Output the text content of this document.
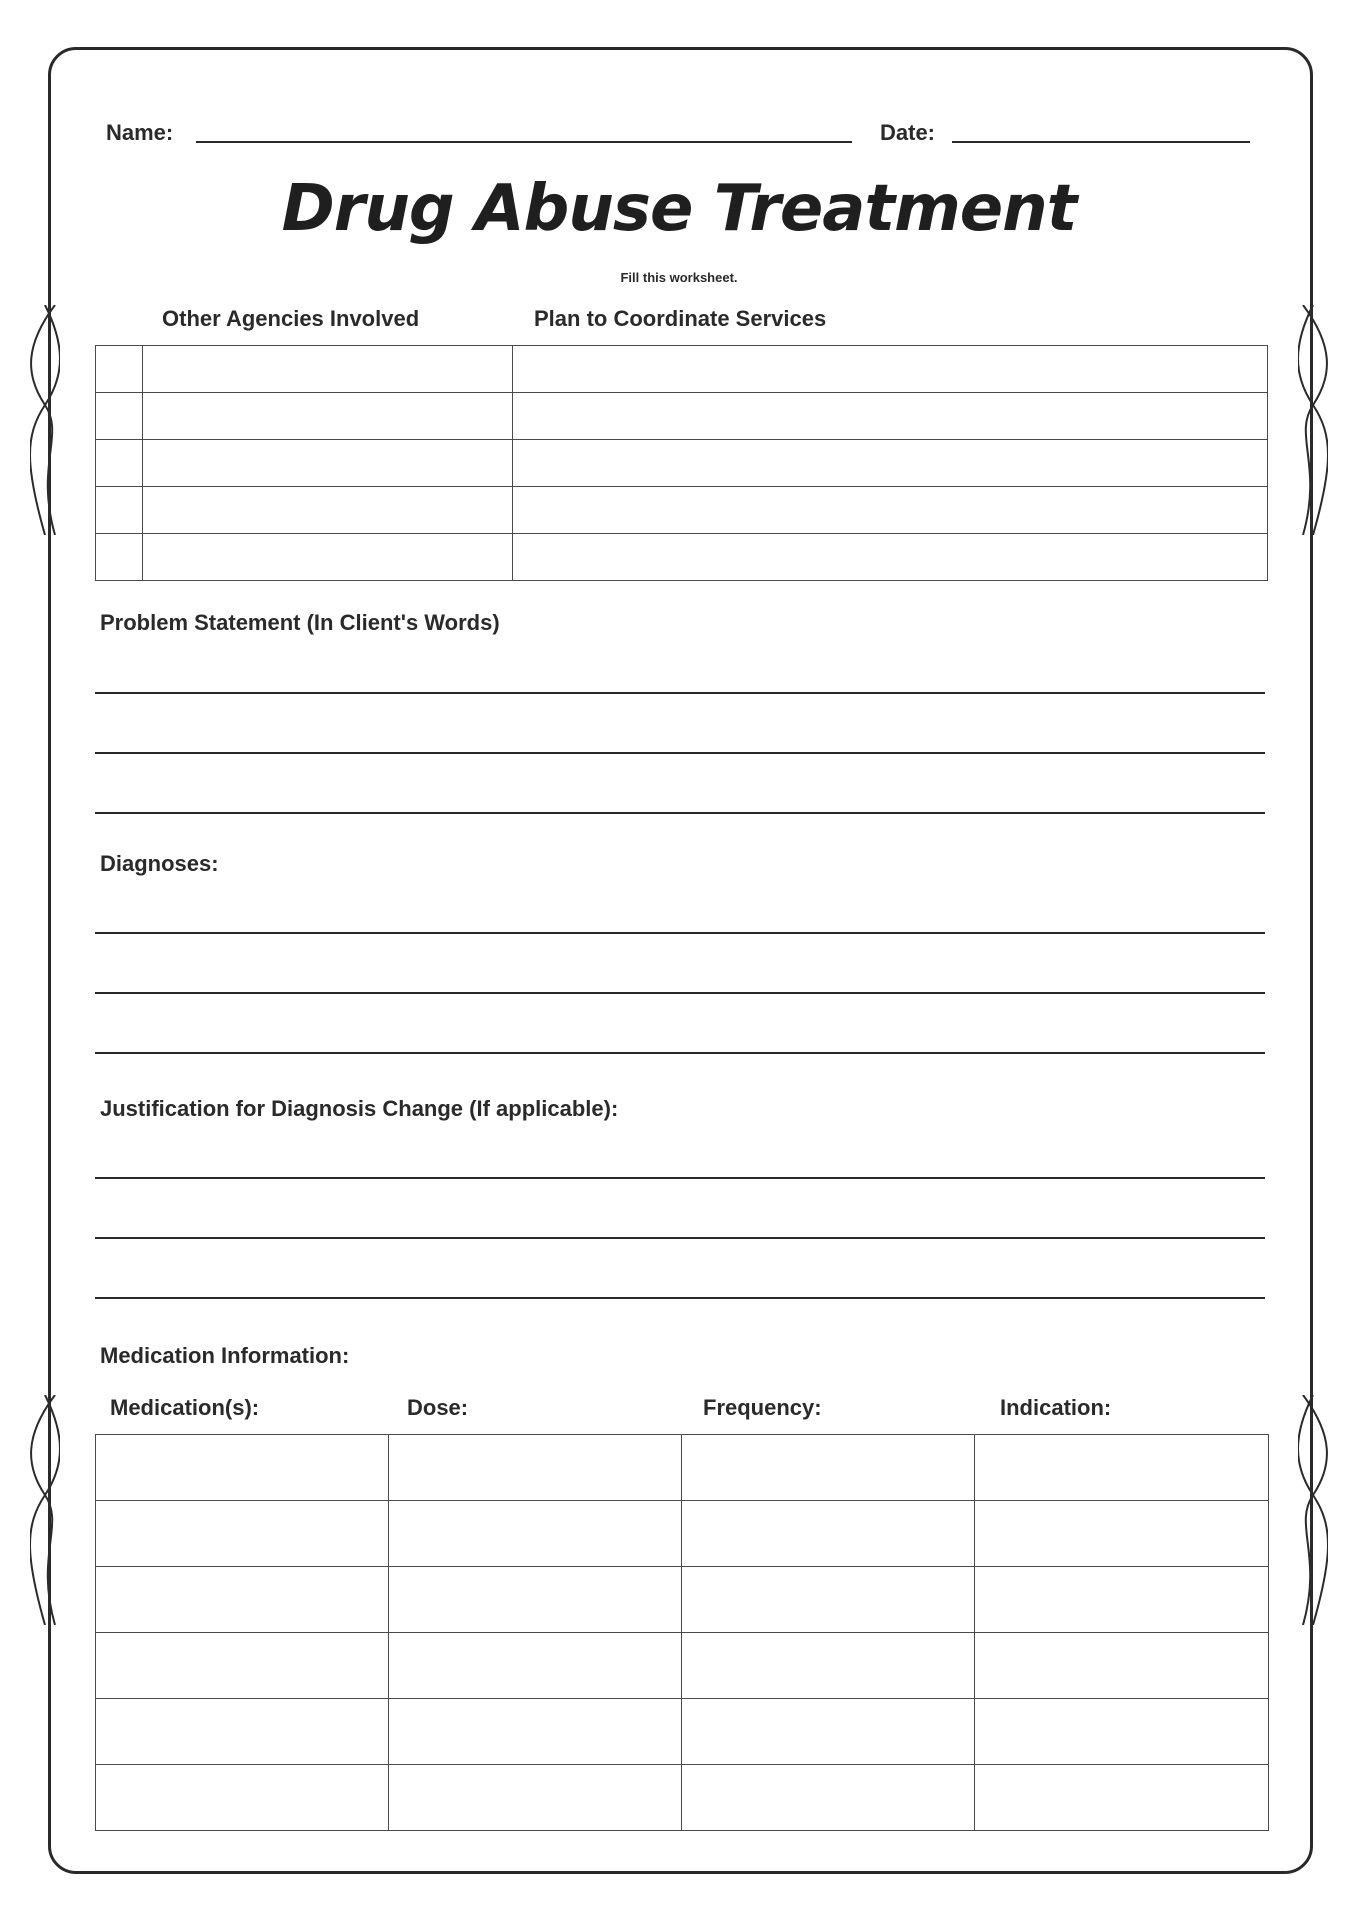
Name:	Date:
Drug Abuse Treatment
Fill this worksheet.
Other Agencies Involved	Plan to Coordinate Services

Problem Statement (In Client's Words)
Diagnoses:
Justification for Diagnosis Change (If applicable):
Medication Information:
Medication(s):	Dose:	Frequency:	Indication:
